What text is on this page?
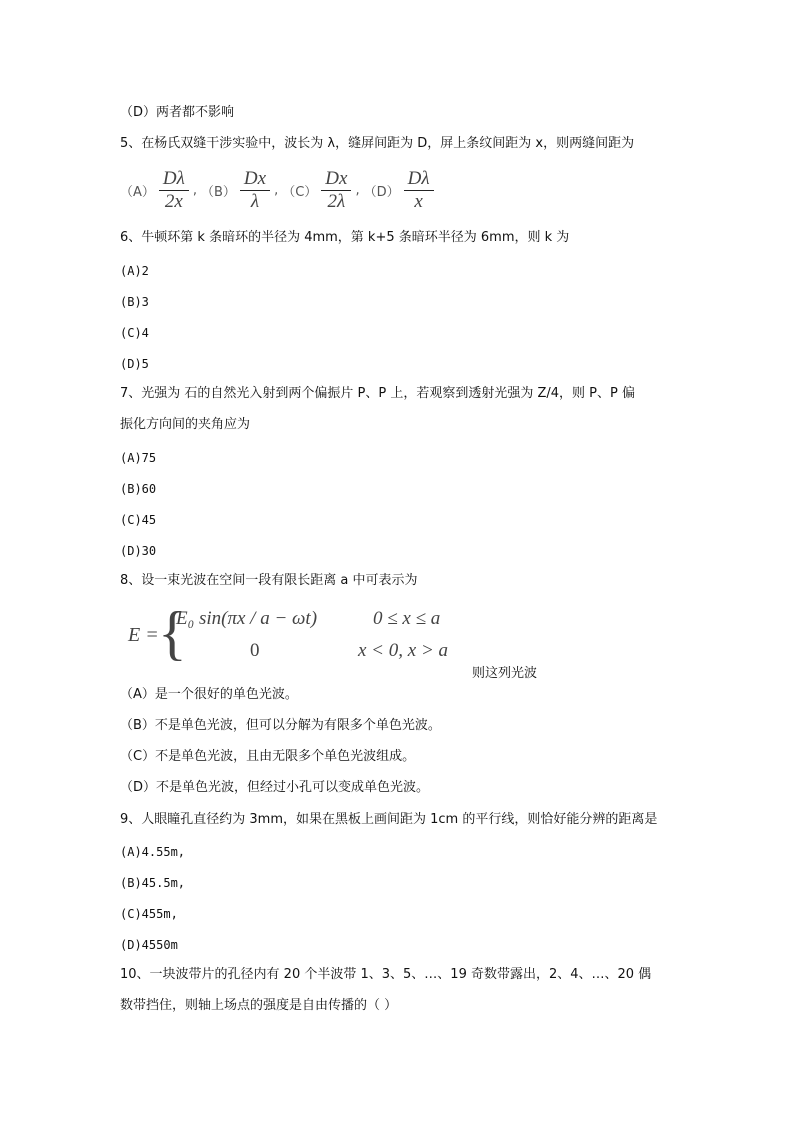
（D）两者都不影响
5、在杨氏双缝干涉实验中，波长为 λ，缝屏间距为 D，屏上条纹间距为 x，则两缝间距为
$(A) \frac{D\lambda}{2x}$ , $(B) \frac{Dx}{\lambda}$ , $(C) \frac{Dx}{2\lambda}$ , $(D) \frac{D\lambda}{x}$
6、牛顿环第 k 条暗环的半径为 4mm，第 k+5 条暗环半径为 6mm，则 k 为
(A)2
(B)3
(C)4
(D)5
7、光强为 石的自然光入射到两个偏振片 P、P 上，若观察到透射光强为 Z/4，则 P、P 偏
振化方向间的夹角应为
(A)75
(B)60
(C)45
(D)30
8、设一束光波在空间一段有限长距离 a 中可表示为
E = {
E₀ sin(πx / a − ωt)	0 ≤ x ≤ a
0	x < 0, x > a
则这列光波
（A）是一个很好的单色光波。
（B）不是单色光波，但可以分解为有限多个单色光波。
（C）不是单色光波，且由无限多个单色光波组成。
（D）不是单色光波，但经过小孔可以变成单色光波。
9、人眼瞳孔直径约为 3mm，如果在黑板上画间距为 1cm 的平行线，则恰好能分辨的距离是
(A)4.55m,
(B)45.5m,
(C)455m,
(D)4550m
10、一块波带片的孔径内有 20 个半波带 1、3、5、…、19 奇数带露出，2、4、…、20 偶
数带挡住，则轴上场点的强度是自由传播的（ ）
